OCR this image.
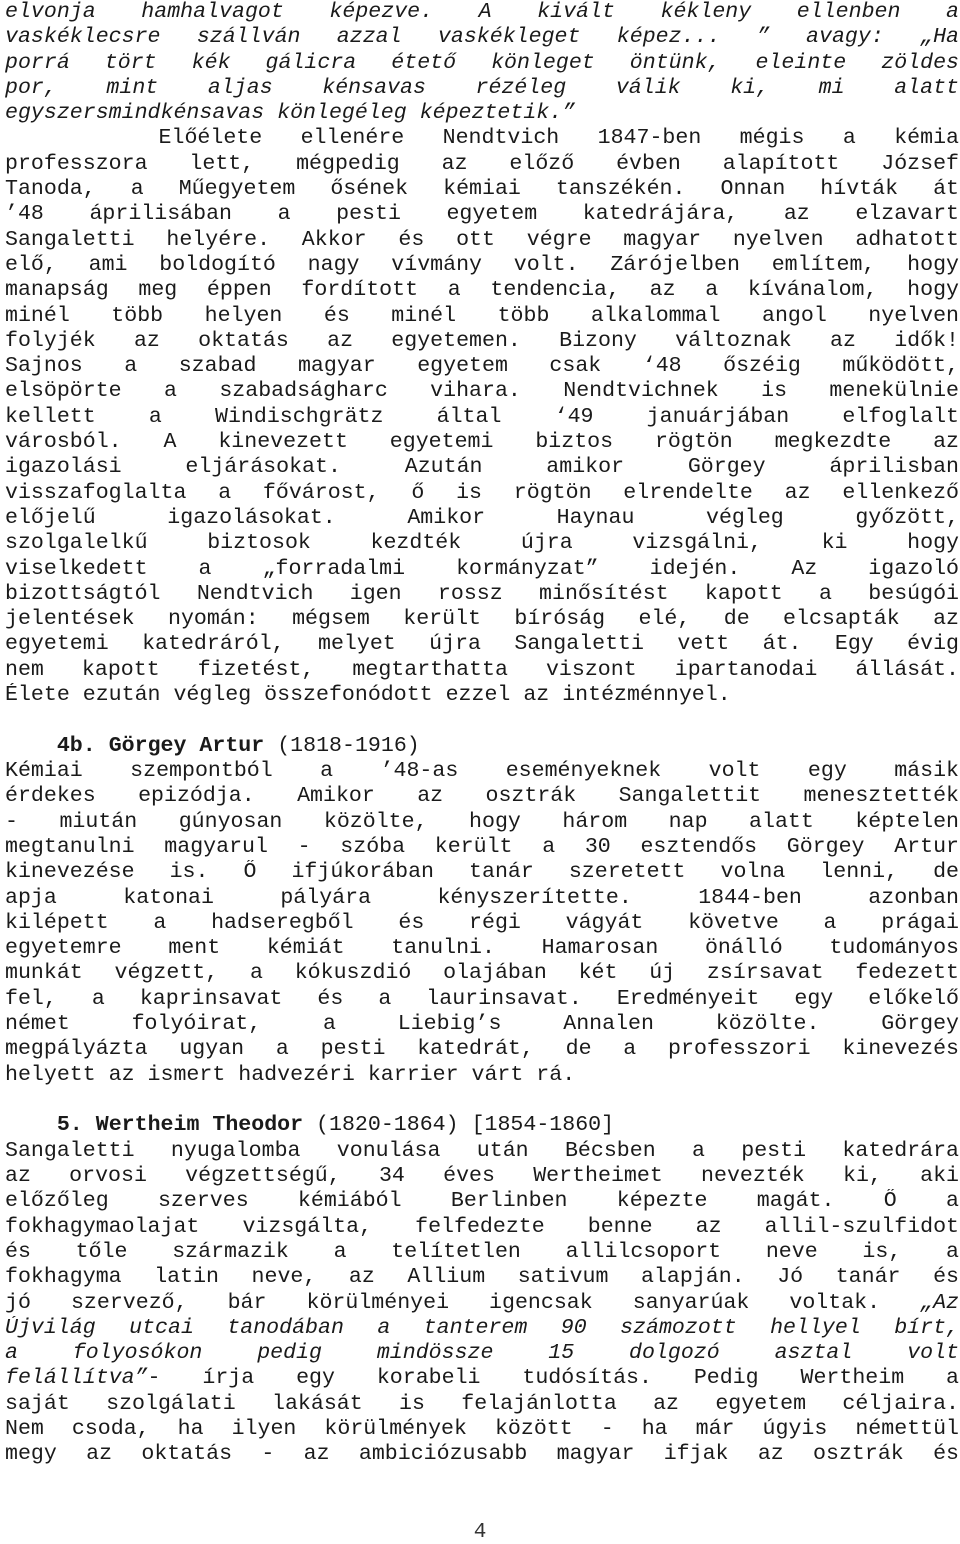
elvonja hamhalvagot képezve. A kivált kékleny ellenben a
vaskéklecsre szállván azzal vaskékleget képez... ” avagy: „Ha
porrá tört kék gálicra étető könleget öntünk, eleinte zöldes
por, mint aljas kénsavas rézéleg válik ki, mi alatt
egyszersmindkénsavas könlegéleg képeztetik.”
Előélete ellenére Nendtvich 1847-ben mégis a kémia
professzora lett, mégpedig az előző évben alapított József
Tanoda, a Műegyetem ősének kémiai tanszékén. Onnan hívták át
’48 áprilisában a pesti egyetem katedrájára, az elzavart
Sangaletti helyére. Akkor és ott végre magyar nyelven adhatott
elő, ami boldogító nagy vívmány volt. Zárójelben említem, hogy
manapság meg éppen fordított a tendencia, az a kívánalom, hogy
minél több helyen és minél több alkalommal angol nyelven
folyjék az oktatás az egyetemen. Bizony változnak az idők!
Sajnos a szabad magyar egyetem csak ‘48 őszéig működött,
elsöpörte a szabadságharc vihara. Nendtvichnek is menekülnie
kellett a Windischgrätz által ‘49 januárjában elfoglalt
városból. A kinevezett egyetemi biztos rögtön megkezdte az
igazolási eljárásokat. Azután amikor Görgey áprilisban
visszafoglalta a fővárost, ő is rögtön elrendelte az ellenkező
előjelű igazolásokat. Amikor Haynau végleg győzött,
szolgalelkű biztosok kezdték újra vizsgálni, ki hogy
viselkedett a „forradalmi kormányzat” idején. Az igazoló
bizottságtól Nendtvich igen rossz minősítést kapott a besúgói
jelentések nyomán: mégsem került bíróság elé, de elcsapták az
egyetemi katedráról, melyet újra Sangaletti vett át. Egy évig
nem kapott fizetést, megtarthatta viszont ipartanodai állását.
Élete ezután végleg összefonódott ezzel az intézménnyel.
4b. Görgey Artur (1818-1916)
Kémiai szempontból a ’48-as eseményeknek volt egy másik
érdekes epizódja. Amikor az osztrák Sangalettit menesztették
- miután gúnyosan közölte, hogy három nap alatt képtelen
megtanulni magyarul - szóba került a 30 esztendős Görgey Artur
kinevezése is. Ő ifjúkorában tanár szeretett volna lenni, de
apja katonai pályára kényszerítette. 1844-ben azonban
kilépett a hadseregből és régi vágyát követve a prágai
egyetemre ment kémiát tanulni. Hamarosan önálló tudományos
munkát végzett, a kókuszdió olajában két új zsírsavat fedezett
fel, a kaprinsavat és a laurinsavat. Eredményeit egy előkelő
német folyóirat, a Liebig’s Annalen közölte. Görgey
megpályázta ugyan a pesti katedrát, de a professzori kinevezés
helyett az ismert hadvezéri karrier várt rá.
5. Wertheim Theodor (1820-1864) [1854-1860]
Sangaletti nyugalomba vonulása után Bécsben a pesti katedrára
az orvosi végzettségű, 34 éves Wertheimet nevezték ki, aki
előzőleg szerves kémiából Berlinben képezte magát. Ő a
fokhagymaolajat vizsgálta, felfedezte benne az allil-szulfidot
és tőle származik a telítetlen allilcsoport neve is, a
fokhagyma latin neve, az Allium sativum alapján. Jó tanár és
jó szervező, bár körülményei igencsak sanyarúak voltak. „Az
Újvilág utcai tanodában a tanterem 90 számozott hellyel bírt,
a folyosókon pedig mindössze 15 dolgozó asztal volt
felállítva”- írja egy korabeli tudósítás. Pedig Wertheim a
saját szolgálati lakását is felajánlotta az egyetem céljaira.
Nem csoda, ha ilyen körülmények között - ha már úgyis némettül
megy az oktatás - az ambiciózusabb magyar ifjak az osztrák és
4
